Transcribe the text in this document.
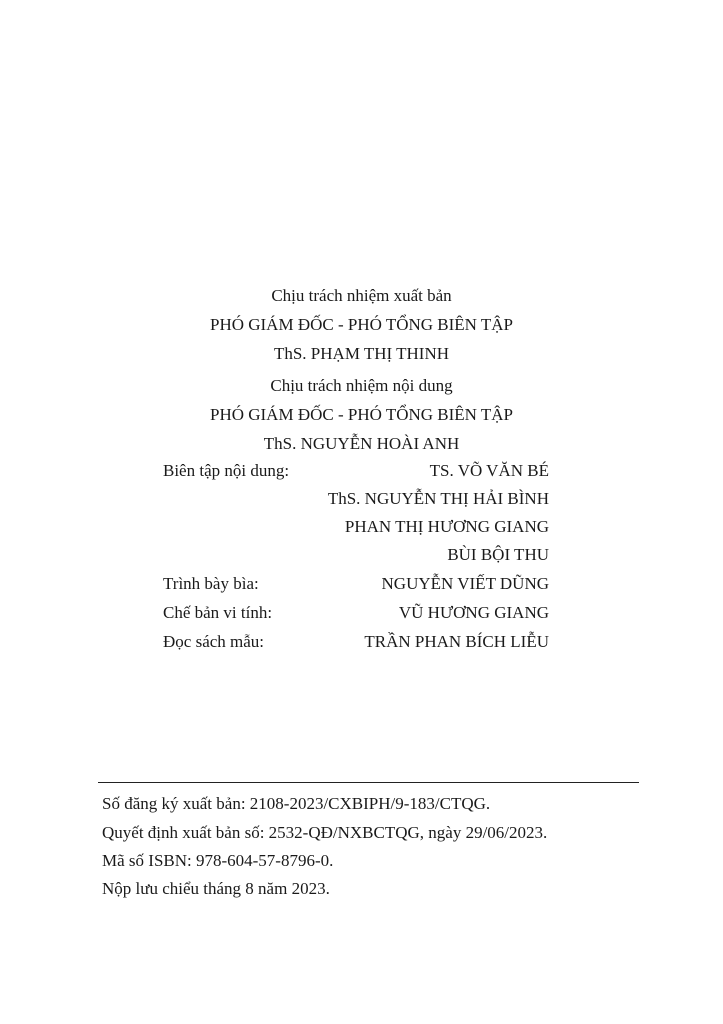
Chịu trách nhiệm xuất bản
PHÓ GIÁM ĐỐC - PHÓ TỔNG BIÊN TẬP
ThS. PHẠM THỊ THINH
Chịu trách nhiệm nội dung
PHÓ GIÁM ĐỐC - PHÓ TỔNG BIÊN TẬP
ThS. NGUYỄN HOÀI ANH
Biên tập nội dung:	TS. VÕ VĂN BÉ
ThS. NGUYỄN THỊ HẢI BÌNH
PHAN THỊ HƯƠNG GIANG
BÙI BỘI THU
Trình bày bìa:	NGUYỄN VIẾT DŨNG
Chế bản vi tính:	VŨ HƯƠNG GIANG
Đọc sách mẫu:	TRẦN PHAN BÍCH LIỄU
Số đăng ký xuất bản: 2108-2023/CXBIPH/9-183/CTQG.
Quyết định xuất bản số: 2532-QĐ/NXBCTQG, ngày 29/06/2023.
Mã số ISBN: 978-604-57-8796-0.
Nộp lưu chiểu tháng 8 năm 2023.
